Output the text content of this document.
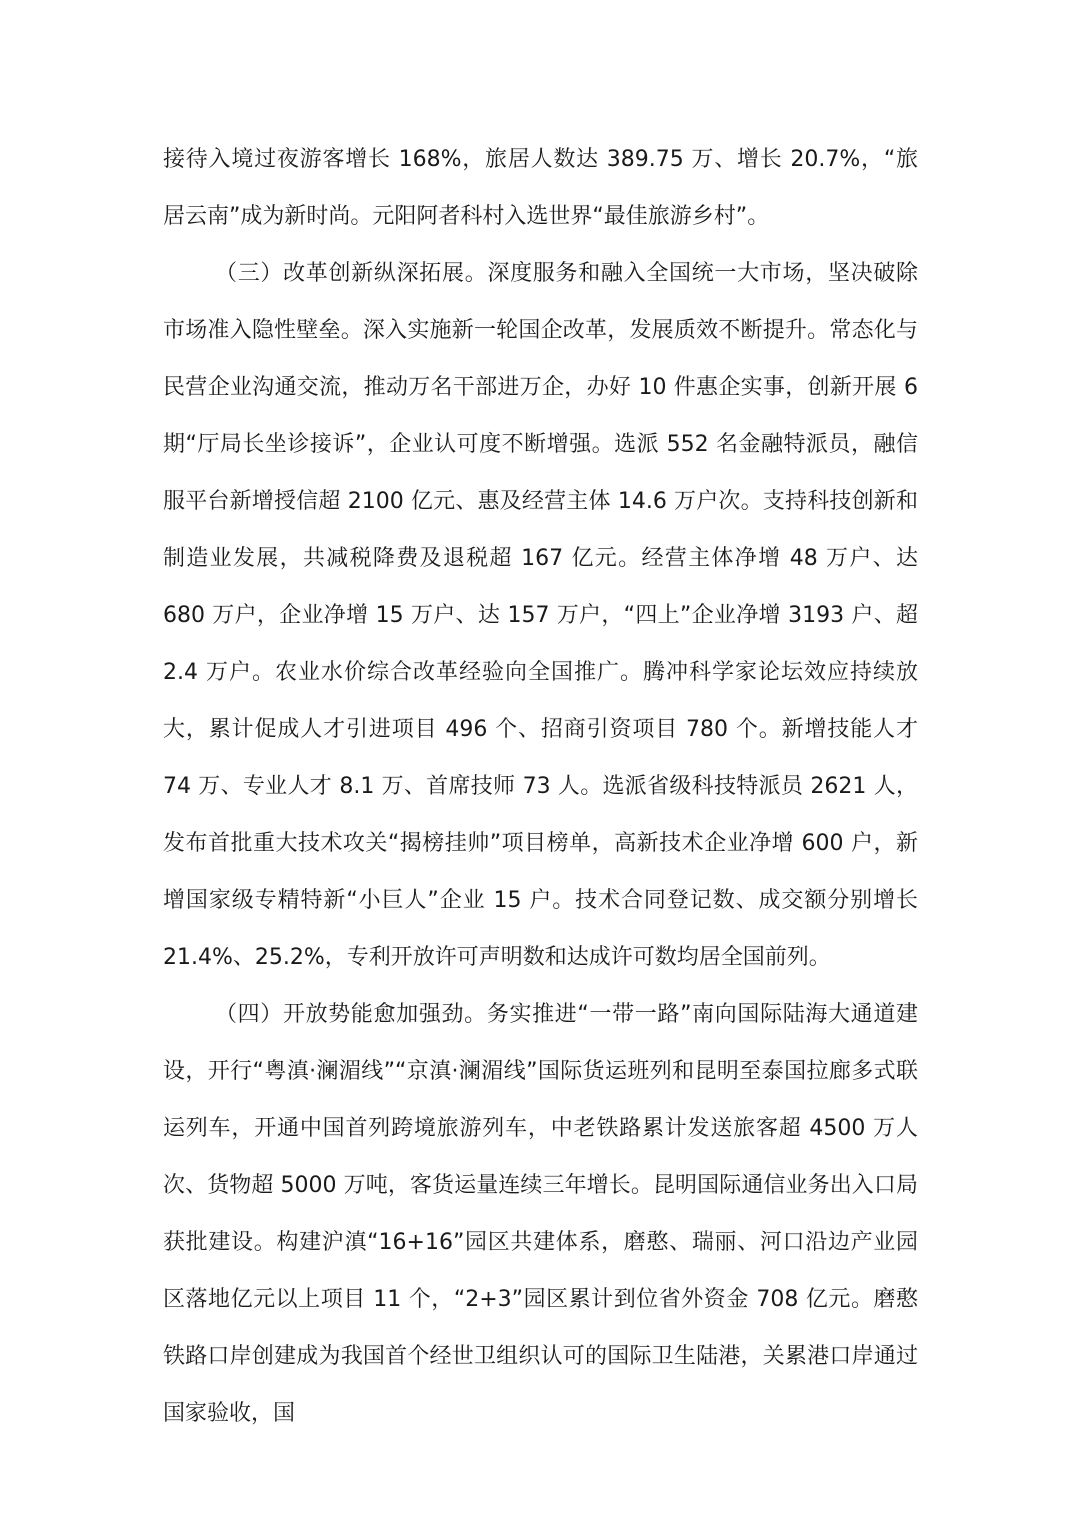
接待入境过夜游客增长 168%，旅居人数达 389.75 万、增长 20.7%，“旅居云南”成为新时尚。元阳阿者科村入选世界“最佳旅游乡村”。

（三）改革创新纵深拓展。深度服务和融入全国统一大市场，坚决破除市场准入隐性壁垒。深入实施新一轮国企改革，发展质效不断提升。常态化与民营企业沟通交流，推动万名干部进万企，办好 10 件惠企实事，创新开展 6 期“厅局长坐诊接诉”，企业认可度不断增强。选派 552 名金融特派员，融信服平台新增授信超 2100 亿元、惠及经营主体 14.6 万户次。支持科技创新和制造业发展，共减税降费及退税超 167 亿元。经营主体净增 48 万户、达 680 万户，企业净增 15 万户、达 157 万户，“四上”企业净增 3193 户、超 2.4 万户。农业水价综合改革经验向全国推广。腾冲科学家论坛效应持续放大，累计促成人才引进项目 496 个、招商引资项目 780 个。新增技能人才 74 万、专业人才 8.1 万、首席技师 73 人。选派省级科技特派员 2621 人，发布首批重大技术攻关“揭榜挂帅”项目榜单，高新技术企业净增 600 户，新增国家级专精特新“小巨人”企业 15 户。技术合同登记数、成交额分别增长 21.4%、25.2%，专利开放许可声明数和达成许可数均居全国前列。

（四）开放势能愈加强劲。务实推进“一带一路”南向国际陆海大通道建设，开行“粤滇·澜湄线”“京滇·澜湄线”国际货运班列和昆明至泰国拉廊多式联运列车，开通中国首列跨境旅游列车，中老铁路累计发送旅客超 4500 万人次、货物超 5000 万吨，客货运量连续三年增长。昆明国际通信业务出入口局获批建设。构建沪滇“16+16”园区共建体系，磨憨、瑞丽、河口沿边产业园区落地亿元以上项目 11 个，“2+3”园区累计到位省外资金 708 亿元。磨憨铁路口岸创建成为我国首个经世卫组织认可的国际卫生陆港，关累港口岸通过国家验收，国
